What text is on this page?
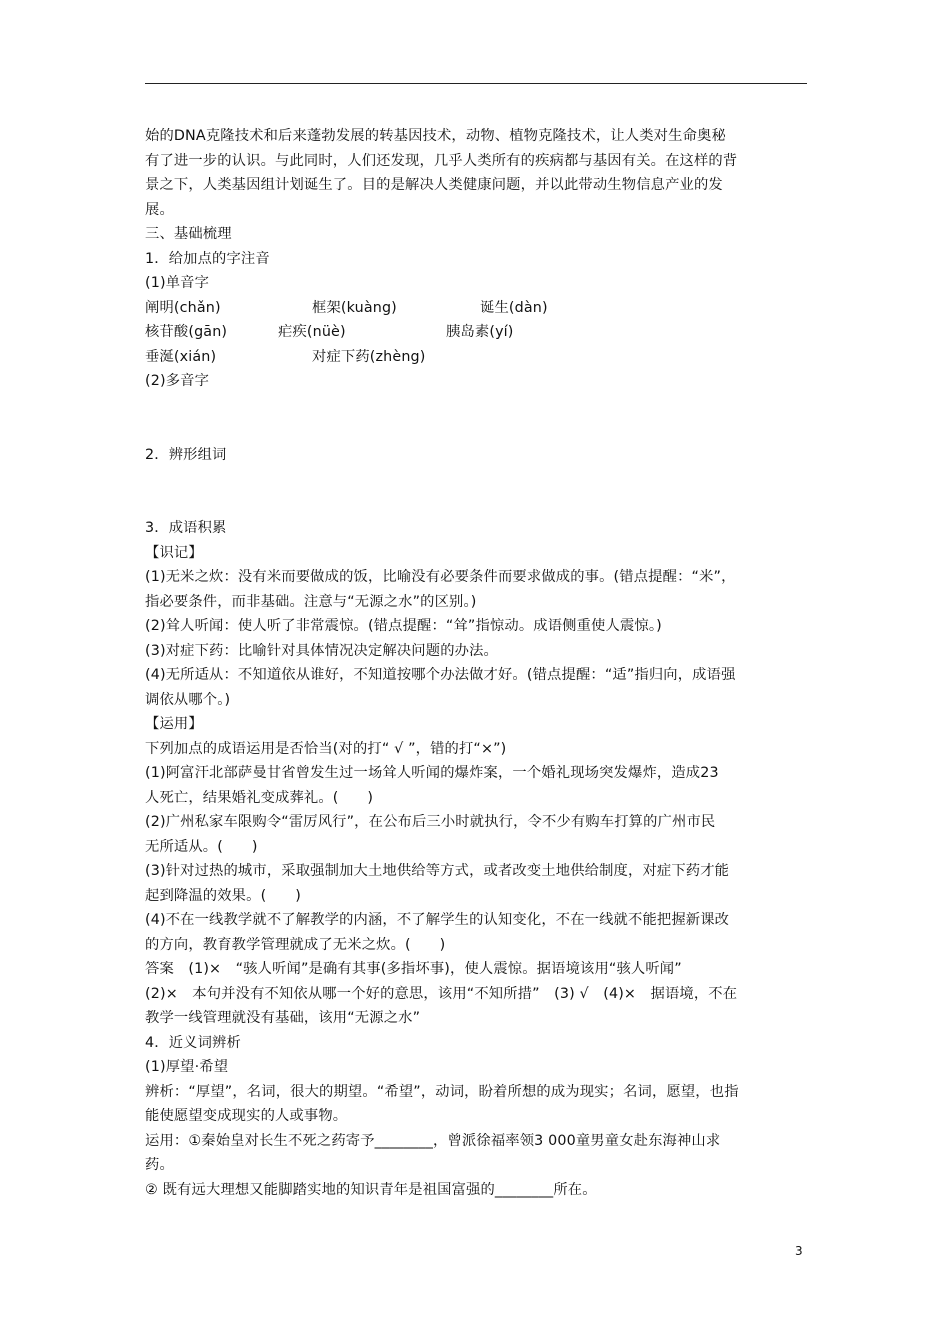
始的DNA克隆技术和后来蓬勃发展的转基因技术，动物、植物克隆技术，让人类对生命奥秘
有了进一步的认识。与此同时，人们还发现，几乎人类所有的疾病都与基因有关。在这样的背
景之下，人类基因组计划诞生了。目的是解决人类健康问题，并以此带动生物信息产业的发
展。
三、基础梳理
1．给加点的字注音
(1)单音字
阐明(chǎn)	框架(kuàng)	诞生(dàn)
核苷酸(gān)	疟疾(nüè)	胰岛素(yí)
垂涎(xián)	对症下药(zhèng)
(2)多音字
2．辨形组词
3．成语积累
【识记】
(1)无米之炊：没有米而要做成的饭，比喻没有必要条件而要求做成的事。(错点提醒：“米”，
指必要条件，而非基础。注意与“无源之水”的区别。)
(2)耸人听闻：使人听了非常震惊。(错点提醒：“耸”指惊动。成语侧重使人震惊。)
(3)对症下药：比喻针对具体情况决定解决问题的办法。
(4)无所适从：不知道依从谁好，不知道按哪个办法做才好。(错点提醒：“适”指归向，成语强
调依从哪个。)
【运用】
下列加点的成语运用是否恰当(对的打“ √ ”，错的打“×”)
(1)阿富汗北部萨曼甘省曾发生过一场耸人听闻的爆炸案，一个婚礼现场突发爆炸，造成23
人死亡，结果婚礼变成葬礼。(　　)
(2)广州私家车限购令“雷厉风行”，在公布后三小时就执行，令不少有购车打算的广州市民
无所适从。(　　)
(3)针对过热的城市，采取强制加大土地供给等方式，或者改变土地供给制度，对症下药才能
起到降温的效果。(　　)
(4)不在一线教学就不了解教学的内涵，不了解学生的认知变化，不在一线就不能把握新课改
的方向，教育教学管理就成了无米之炊。(　　)
答案　(1)×　“骇人听闻”是确有其事(多指坏事)，使人震惊。据语境该用“骇人听闻”
(2)×　本句并没有不知依从哪一个好的意思，该用“不知所措”　(3) √　(4)×　据语境，不在
教学一线管理就没有基础，该用“无源之水”
4．近义词辨析
(1)厚望·希望
辨析：“厚望”，名词，很大的期望。“希望”，动词，盼着所想的成为现实；名词，愿望，也指
能使愿望变成现实的人或事物。
运用：①秦始皇对长生不死之药寄予________，曾派徐福率领3 000童男童女赴东海神山求
药。
② 既有远大理想又能脚踏实地的知识青年是祖国富强的________所在。
3
